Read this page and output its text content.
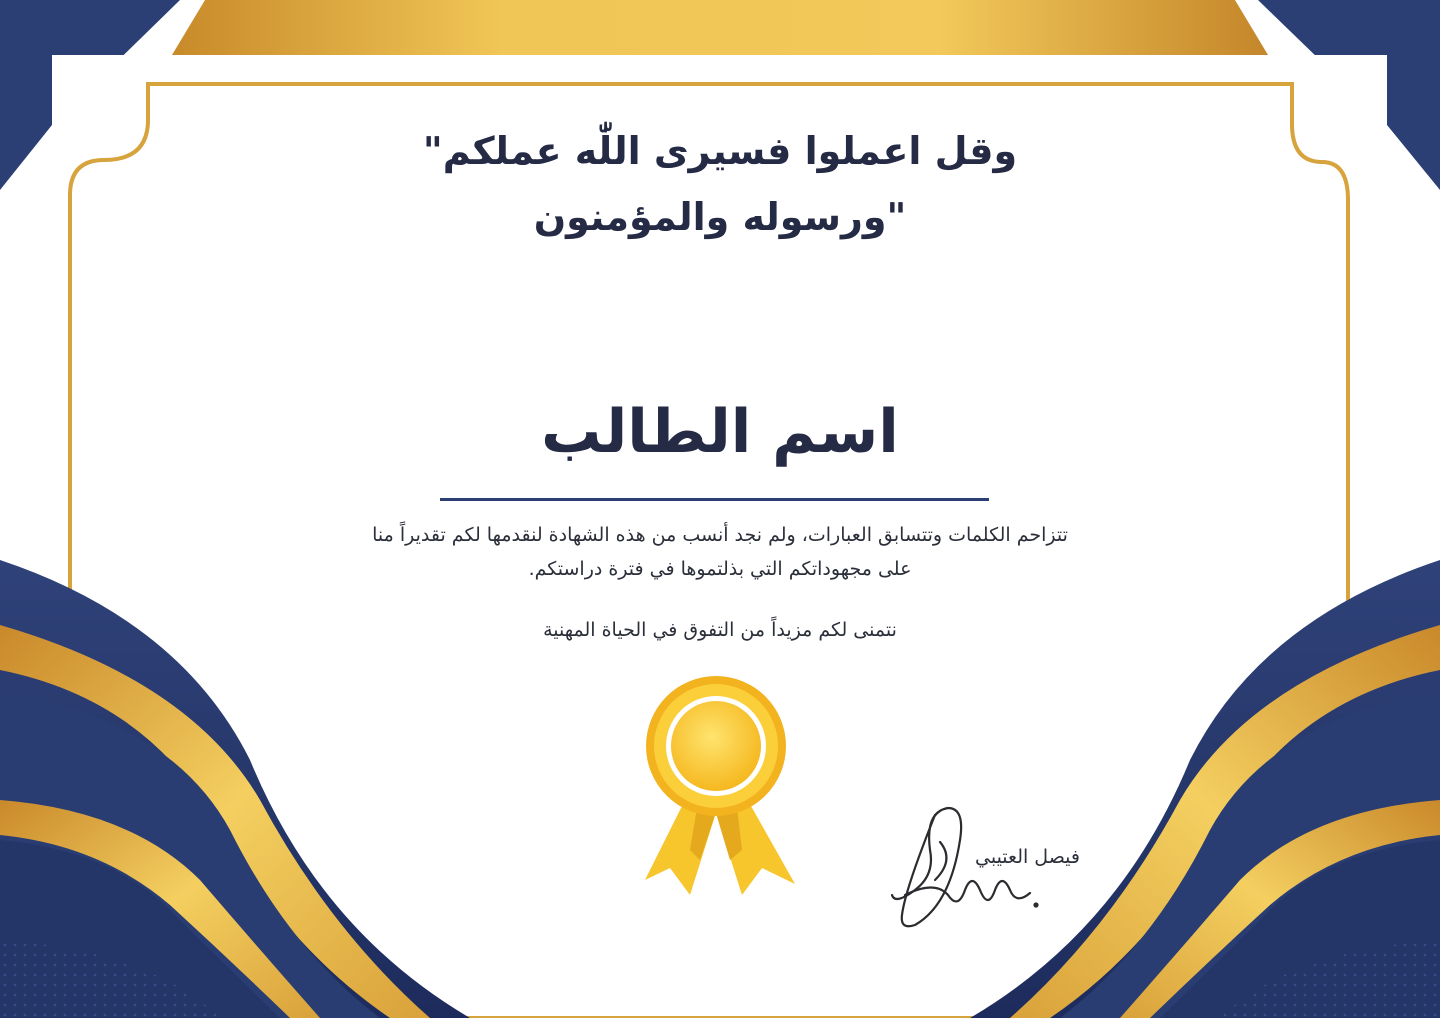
وقل اعملوا فسيرى اللّٰه عملكم"
"ورسوله والمؤمنون
اسم الطالب
تتزاحم الكلمات وتتسابق العبارات، ولم نجد أنسب من هذه الشهادة لنقدمها لكم تقديراً منا
على مجهوداتكم التي بذلتموها في فترة دراستكم.
نتمنى لكم مزيداً من التفوق في الحياة المهنية
فيصل العتيبي
